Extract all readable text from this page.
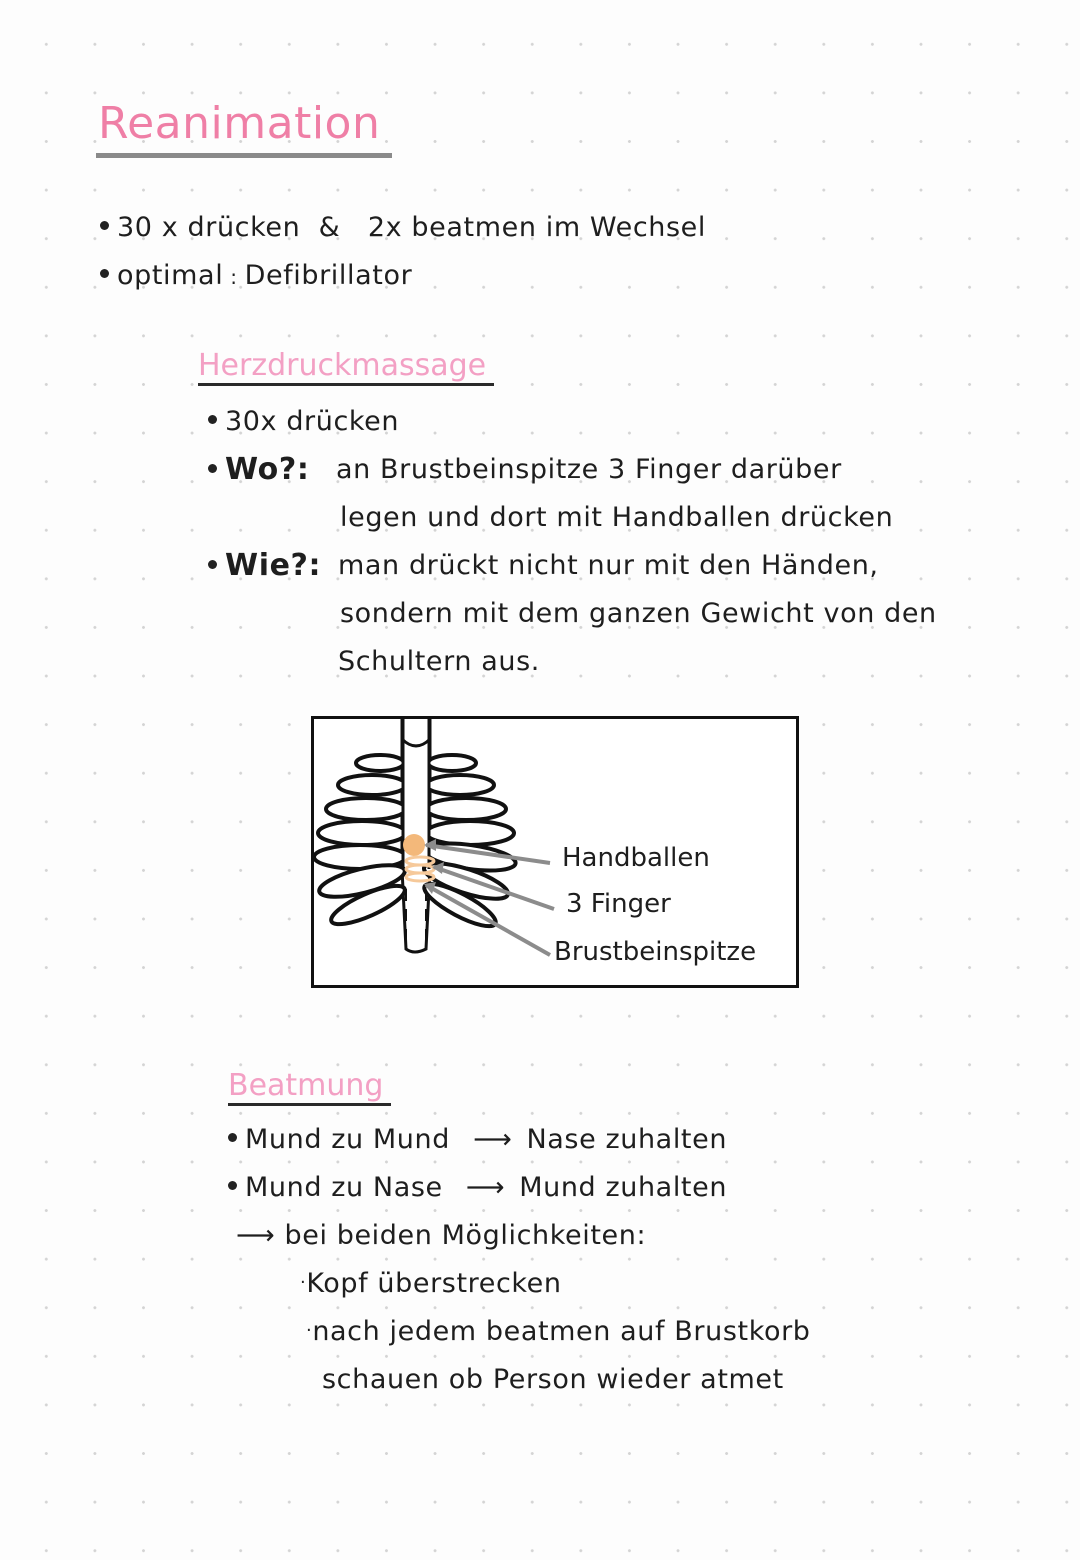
Reanimation
30 x drücken & 2x beatmen im Wechsel
optimal : Defibrillator
Herzdruckmassage
30x drücken
Wo?: an Brustbeinspitze 3 Finger darüber
legen und dort mit Handballen drücken
Wie?: man drückt nicht nur mit den Händen,
sondern mit dem ganzen Gewicht von den
Schultern aus.
Handballen
3 Finger
Brustbeinspitze
Beatmung
Mund zu Mund ⟶ Nase zuhalten
Mund zu Nase ⟶ Mund zuhalten
⟶ bei beiden Möglichkeiten:
·Kopf überstrecken
·nach jedem beatmen auf Brustkorb
schauen ob Person wieder atmet
